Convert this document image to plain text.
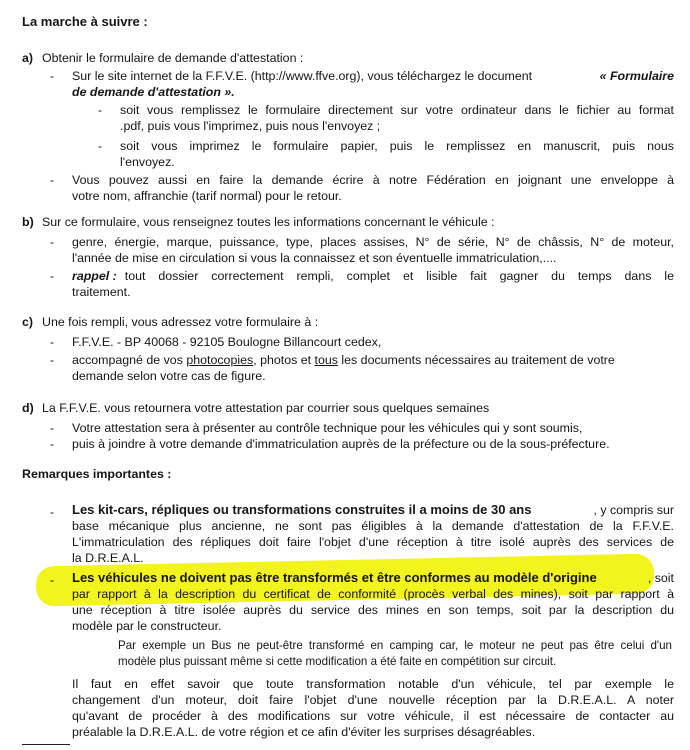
La marche à suivre :
a) Obtenir le formulaire de demande d'attestation :
- Sur le site internet de la F.F.V.E. (http://www.ffve.org), vous téléchargez le document	« Formulaire
de demande d'attestation ».
- soit vous remplissez le formulaire directement sur votre ordinateur dans le fichier au format
.pdf, puis vous l'imprimez, puis nous l'envoyez ;
- soit vous imprimez le formulaire papier, puis le remplissez en manuscrit, puis nous
l'envoyez.
- Vous pouvez aussi en faire la demande écrire à notre Fédération en joignant une enveloppe à
votre nom, affranchie (tarif normal) pour le retour.
b) Sur ce formulaire, vous renseignez toutes les informations concernant le véhicule :
- genre, énergie, marque, puissance, type, places assises, N° de série, N° de châssis, N° de moteur,
l'année de mise en circulation si vous la connaissez et son éventuelle immatriculation,....
- rappel : tout dossier correctement rempli, complet et lisible fait gagner du temps dans le
traitement.
c) Une fois rempli, vous adressez votre formulaire à :
- F.F.V.E. - BP 40068 - 92105 Boulogne Billancourt cedex,
- accompagné de vos photocopies, photos et tous les documents nécessaires au traitement de votre
demande selon votre cas de figure.
d) La F.F.V.E. vous retournera votre attestation par courrier sous quelques semaines
- Votre attestation sera à présenter au contrôle technique pour les véhicules qui y sont soumis,
- puis à joindre à votre demande d'immatriculation auprès de la préfecture ou de la sous-préfecture.
Remarques importantes :
- Les kit-cars, répliques ou transformations construites il a moins de 30 ans	, y compris sur
base mécanique plus ancienne, ne sont pas éligibles à la demande d'attestation de la F.F.V.E.
L'immatriculation des répliques doit faire l'objet d'une réception à titre isolé auprès des services de
la D.R.E.A.L.
- Les véhicules ne doivent pas être transformés et être conformes au modèle d'origine	, soit
par rapport à la description du certificat de conformité (procès verbal des mines), soit par rapport à
une réception à titre isolée auprès du service des mines en son temps, soit par la description du
modèle par le constructeur.
Par exemple un Bus ne peut-être transformé en camping car, le moteur ne peut pas être celui d'un
modèle plus puissant même si cette modification a été faite en compétition sur circuit.
Il faut en effet savoir que toute transformation notable d'un véhicule, tel par exemple le
changement d'un moteur, doit faire l'objet d'une nouvelle réception par la D.R.E.A.L. A noter
qu'avant de procéder à des modifications sur votre véhicule, il est nécessaire de contacter au
préalable la D.R.E.A.L. de votre région et ce afin d'éviter les surprises désagréables.
